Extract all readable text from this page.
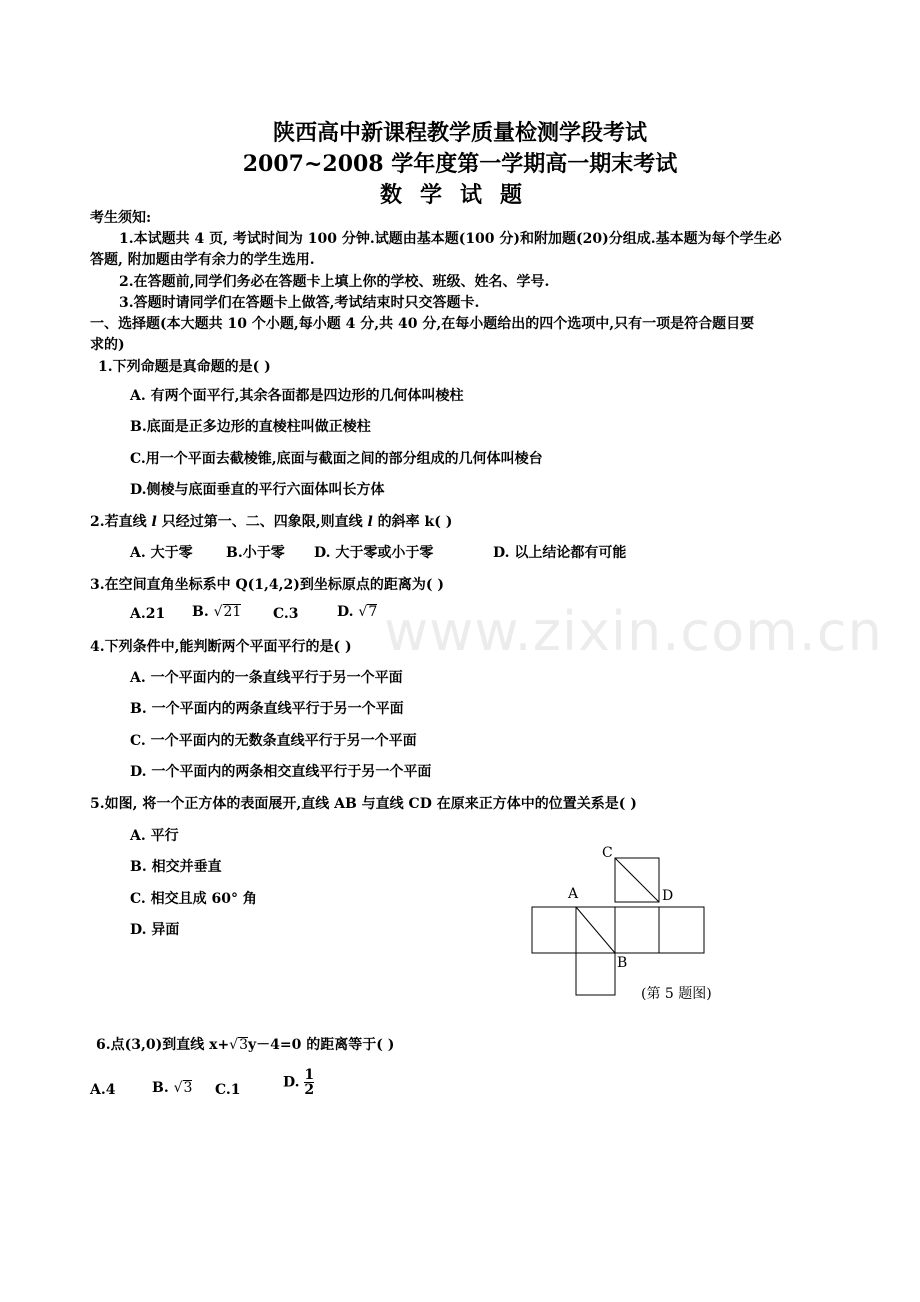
陕西高中新课程教学质量检测学段考试
2007~2008 学年度第一学期高一期末考试
数学试题
考生须知:
1.本试题共 4 页, 考试时间为 100 分钟.试题由基本题(100 分)和附加题(20)分组成.基本题为每个学生必
答题, 附加题由学有余力的学生选用.
2.在答题前,同学们务必在答题卡上填上你的学校、班级、姓名、学号.
3.答题时请同学们在答题卡上做答,考试结束时只交答题卡.
一、选择题(本大题共 10 个小题,每小题 4 分,共 40 分,在每小题给出的四个选项中,只有一项是符合题目要
求的)
1.下列命题是真命题的是( )
A. 有两个面平行,其余各面都是四边形的几何体叫棱柱
B.底面是正多边形的直棱柱叫做正棱柱
C.用一个平面去截棱锥,底面与截面之间的部分组成的几何体叫棱台
D.侧棱与底面垂直的平行六面体叫长方体
2.若直线 l 只经过第一、二、四象限,则直线 l 的斜率 k( )
A. 大于零 B.小于零 D. 大于零或小于零	D. 以上结论都有可能
3.在空间直角坐标系中 Q(1,4,2)到坐标原点的距离为( )
A.21 B. √21 C.3	D. √7 www.zixin.com.cn
4.下列条件中,能判断两个平面平行的是( )
A. 一个平面内的一条直线平行于另一个平面
B. 一个平面内的两条直线平行于另一个平面
C. 一个平面内的无数条直线平行于另一个平面
D. 一个平面内的两条相交直线平行于另一个平面
5.如图, 将一个正方体的表面展开,直线 AB 与直线 CD 在原来正方体中的位置关系是( )
A. 平行
B. 相交并垂直
C. 相交且成 60° 角
D. 异面
C
A	D
B
(第 5 题图)
6.点(3,0)到直线 x+√3y－4=0 的距离等于( )
A.4	B. √3 C.1	D. $\frac{1}{2}$
